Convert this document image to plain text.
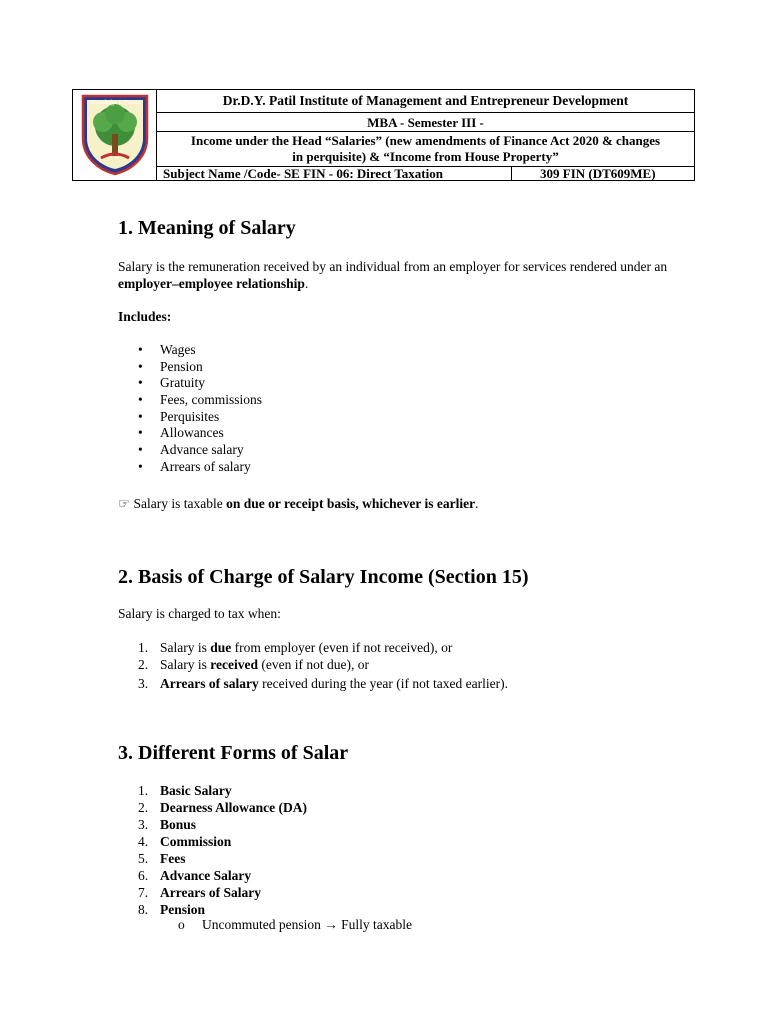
Knowledge is Power	Dr.D.Y. Patil Institute of Management and Entrepreneur Development
MBA - Semester III -
Income under the Head “Salaries” (new amendments of Finance Act 2020 & changes
in perquisite) & “Income from House Property”
Subject Name /Code- SE FIN - 06: Direct Taxation	309 FIN (DT609ME)
1. Meaning of Salary

Salary is the remuneration received by an individual from an employer for services rendered under an employer–employee relationship.

Includes:

• Wages
• Pension
• Gratuity
• Fees, commissions
• Perquisites
• Allowances
• Advance salary
• Arrears of salary

☞ Salary is taxable on due or receipt basis, whichever is earlier.

2. Basis of Charge of Salary Income (Section 15)

Salary is charged to tax when:

1. Salary is due from employer (even if not received), or
2. Salary is received (even if not due), or
3. Arrears of salary received during the year (if not taxed earlier).
3. Different Forms of Salar
1. Basic Salary
2. Dearness Allowance (DA)
3. Bonus
4. Commission
5. Fees
6. Advance Salary
7. Arrears of Salary
8. Pension
o Uncommuted pension → Fully taxable
